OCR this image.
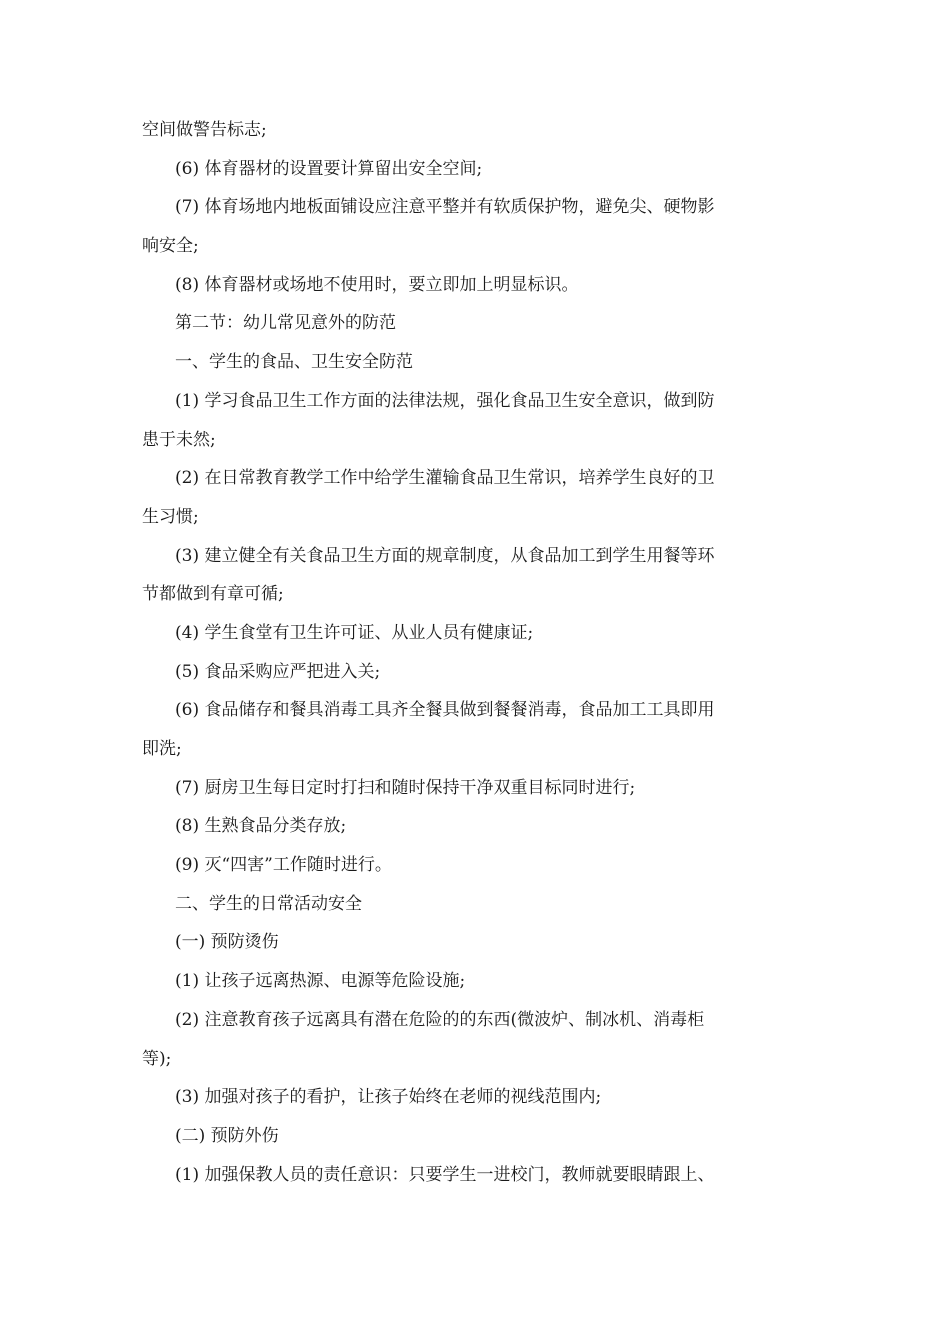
空间做警告标志;
(6) 体育器材的设置要计算留出安全空间;
(7) 体育场地内地板面铺设应注意平整并有软质保护物，避免尖、硬物影
响安全;
(8) 体育器材或场地不使用时，要立即加上明显标识。
第二节：幼儿常见意外的防范
一、学生的食品、卫生安全防范
(1) 学习食品卫生工作方面的法律法规，强化食品卫生安全意识，做到防
患于未然;
(2) 在日常教育教学工作中给学生灌输食品卫生常识，培养学生良好的卫
生习惯;
(3) 建立健全有关食品卫生方面的规章制度，从食品加工到学生用餐等环
节都做到有章可循;
(4) 学生食堂有卫生许可证、从业人员有健康证;
(5) 食品采购应严把进入关;
(6) 食品储存和餐具消毒工具齐全餐具做到餐餐消毒，食品加工工具即用
即洗;
(7) 厨房卫生每日定时打扫和随时保持干净双重目标同时进行;
(8) 生熟食品分类存放;
(9) 灭“四害”工作随时进行。
二、学生的日常活动安全
(一) 预防烫伤
(1) 让孩子远离热源、电源等危险设施;
(2) 注意教育孩子远离具有潜在危险的的东西(微波炉、制冰机、消毒柜
等);
(3) 加强对孩子的看护，让孩子始终在老师的视线范围内;
(二) 预防外伤
(1) 加强保教人员的责任意识：只要学生一进校门，教师就要眼睛跟上、
